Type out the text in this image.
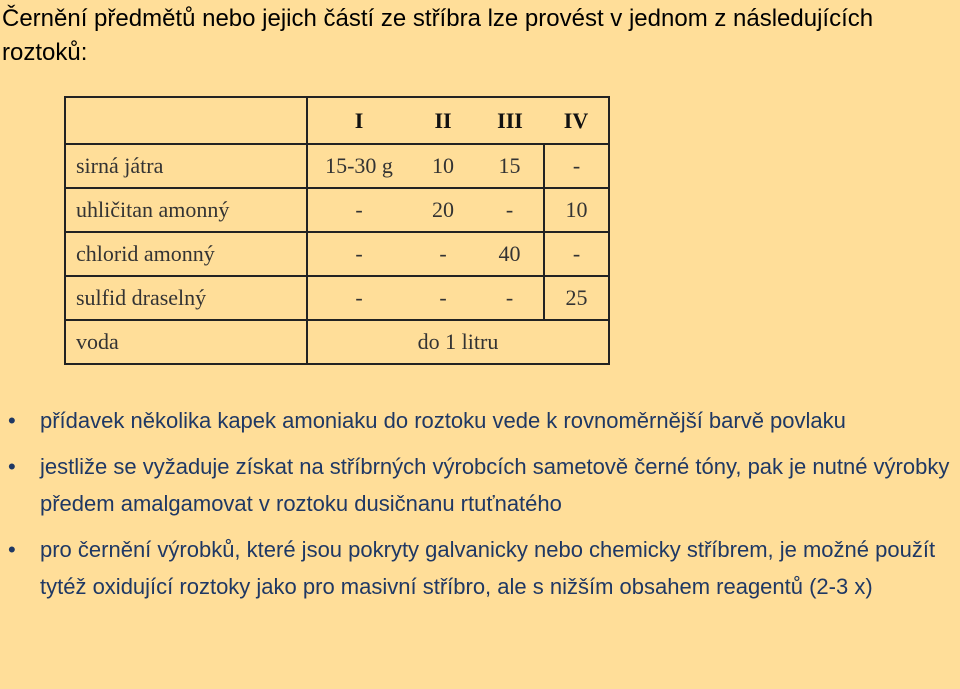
Černění předmětů nebo jejich částí ze stříbra lze provést v jednom z následujících roztoků:

	I	II	III	IV
sirná játra	15-30 g	10	15	-
uhličitan amonný	-	20	-	10
chlorid amonný	-	-	40	-
sulfid draselný	-	-	-	25
voda	do 1 litru			
• přídavek několika kapek amoniaku do roztoku vede k rovnoměrnější barvě povlaku
• jestliže se vyžaduje získat na stříbrných výrobcích sametově černé tóny, pak je nutné výrobky předem amalgamovat v roztoku dusičnanu rtuťnatého
• pro černění výrobků, které jsou pokryty galvanicky nebo chemicky stříbrem, je možné použít tytéž oxidující roztoky jako pro masivní stříbro, ale s nižším obsahem reagentů (2-3 x)
